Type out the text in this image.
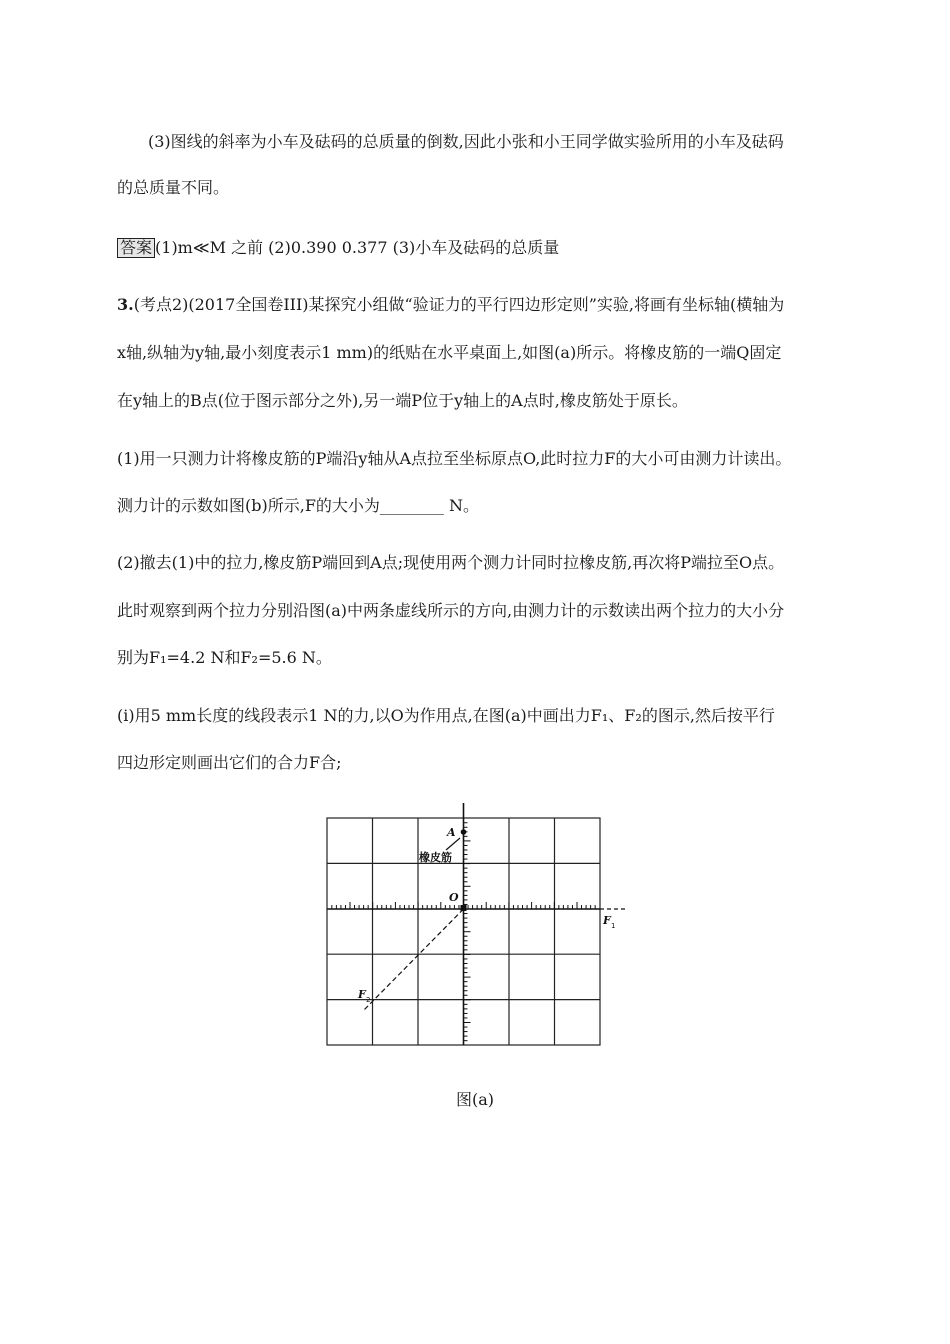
(3)图线的斜率为小车及砝码的总质量的倒数,因此小张和小王同学做实验所用的小车及砝码
的总质量不同。
答案 (1)m≪M 之前 (2)0.390 0.377 (3)小车及砝码的总质量
3.(考点2)(2017全国卷III)某探究小组做“验证力的平行四边形定则”实验,将画有坐标轴(横轴为
x轴,纵轴为y轴,最小刻度表示1 mm)的纸贴在水平桌面上,如图(a)所示。将橡皮筋的一端Q固定
在y轴上的B点(位于图示部分之外),另一端P位于y轴上的A点时,橡皮筋处于原长。
(1)用一只测力计将橡皮筋的P端沿y轴从A点拉至坐标原点O,此时拉力F的大小可由测力计读出。
测力计的示数如图(b)所示,F的大小为________ N。
(2)撤去(1)中的拉力,橡皮筋P端回到A点;现使用两个测力计同时拉橡皮筋,再次将P端拉至O点。
此时观察到两个拉力分别沿图(a)中两条虚线所示的方向,由测力计的示数读出两个拉力的大小分
别为F₁=4.2 N和F₂=5.6 N。
(ⅰ)用5 mm长度的线段表示1 N的力,以O为作用点,在图(a)中画出力F₁、F₂的图示,然后按平行
四边形定则画出它们的合力F合;
A
橡皮筋
O
F 1
F 2
图(a)
